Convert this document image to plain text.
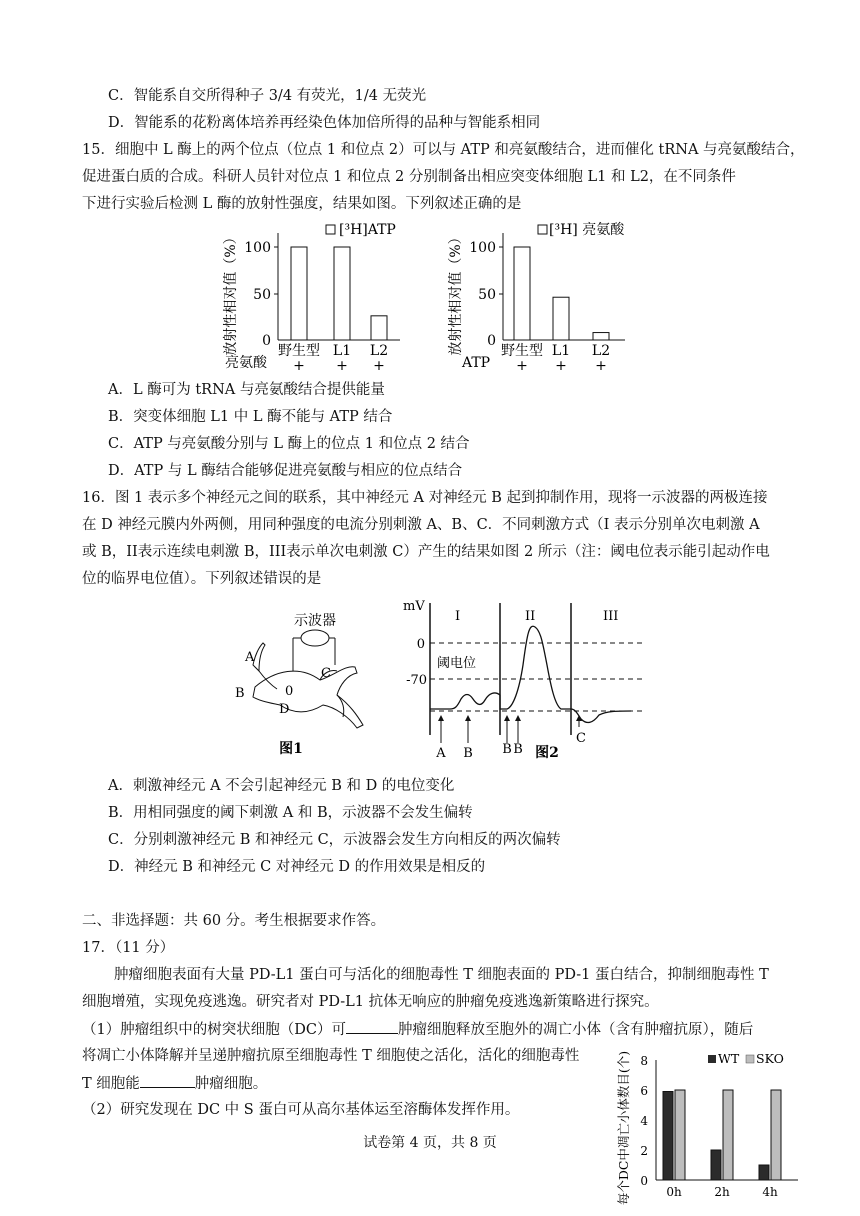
C．智能系自交所得种子 3/4 有荧光，1/4 无荧光
D．智能系的花粉离体培养再经染色体加倍所得的品种与智能系相同
15．细胞中 L 酶上的两个位点（位点 1 和位点 2）可以与 ATP 和亮氨酸结合，进而催化 tRNA 与亮氨酸结合，
促进蛋白质的合成。科研人员针对位点 1 和位点 2 分别制备出相应突变体细胞 L1 和 L2，在不同条件
下进行实验后检测 L 酶的放射性强度，结果如图。下列叙述正确的是
放射性相对值（%）
[³H]ATP
100
50
0
野生型 L1 L2
亮氨酸 + + +
放射性相对值（%）
[³H] 亮氨酸
100
50
0
野生型 L1 L2
ATP + + +
A．L 酶可为 tRNA 与亮氨酸结合提供能量
B．突变体细胞 L1 中 L 酶不能与 ATP 结合
C．ATP 与亮氨酸分别与 L 酶上的位点 1 和位点 2 结合
D．ATP 与 L 酶结合能够促进亮氨酸与相应的位点结合
16．图 1 表示多个神经元之间的联系，其中神经元 A 对神经元 B 起到抑制作用，现将一示波器的两极连接
在 D 神经元膜内外两侧，用同种强度的电流分别刺激 A、B、C．不同刺激方式（I 表示分别单次电刺激 A
或 B，II表示连续电刺激 B，III表示单次电刺激 C）产生的结果如图 2 所示（注：阈电位表示能引起动作电
位的临界电位值）。下列叙述错误的是
示波器
A
B
C
D
0
图1
mV
I	II	III
0
-70
阈电位
A B B B
C
图2
A．刺激神经元 A 不会引起神经元 B 和 D 的电位变化
B．用相同强度的阈下刺激 A 和 B，示波器不会发生偏转
C．分别刺激神经元 B 和神经元 C，示波器会发生方向相反的两次偏转
D．神经元 B 和神经元 C 对神经元 D 的作用效果是相反的
二、非选择题：共 60 分。考生根据要求作答。
17．（11 分）
肿瘤细胞表面有大量 PD-L1 蛋白可与活化的细胞毒性 T 细胞表面的 PD-1 蛋白结合，抑制细胞毒性 T
细胞增殖，实现免疫逃逸。研究者对 PD-L1 抗体无响应的肿瘤免疫逃逸新策略进行探究。
（1）肿瘤组织中的树突状细胞（DC）可	肿瘤细胞释放至胞外的凋亡小体（含有肿瘤抗原），随后
将凋亡小体降解并呈递肿瘤抗原至细胞毒性 T 细胞使之活化，活化的细胞毒性
T 细胞能	肿瘤细胞。
（2）研究发现在 DC 中 S 蛋白可从高尔基体运至溶酶体发挥作用。
试卷第 4 页，共 8 页	每个DC中凋亡小体数目(个)	WT SKO
8
6
4
2
0
0h	2h	4h
